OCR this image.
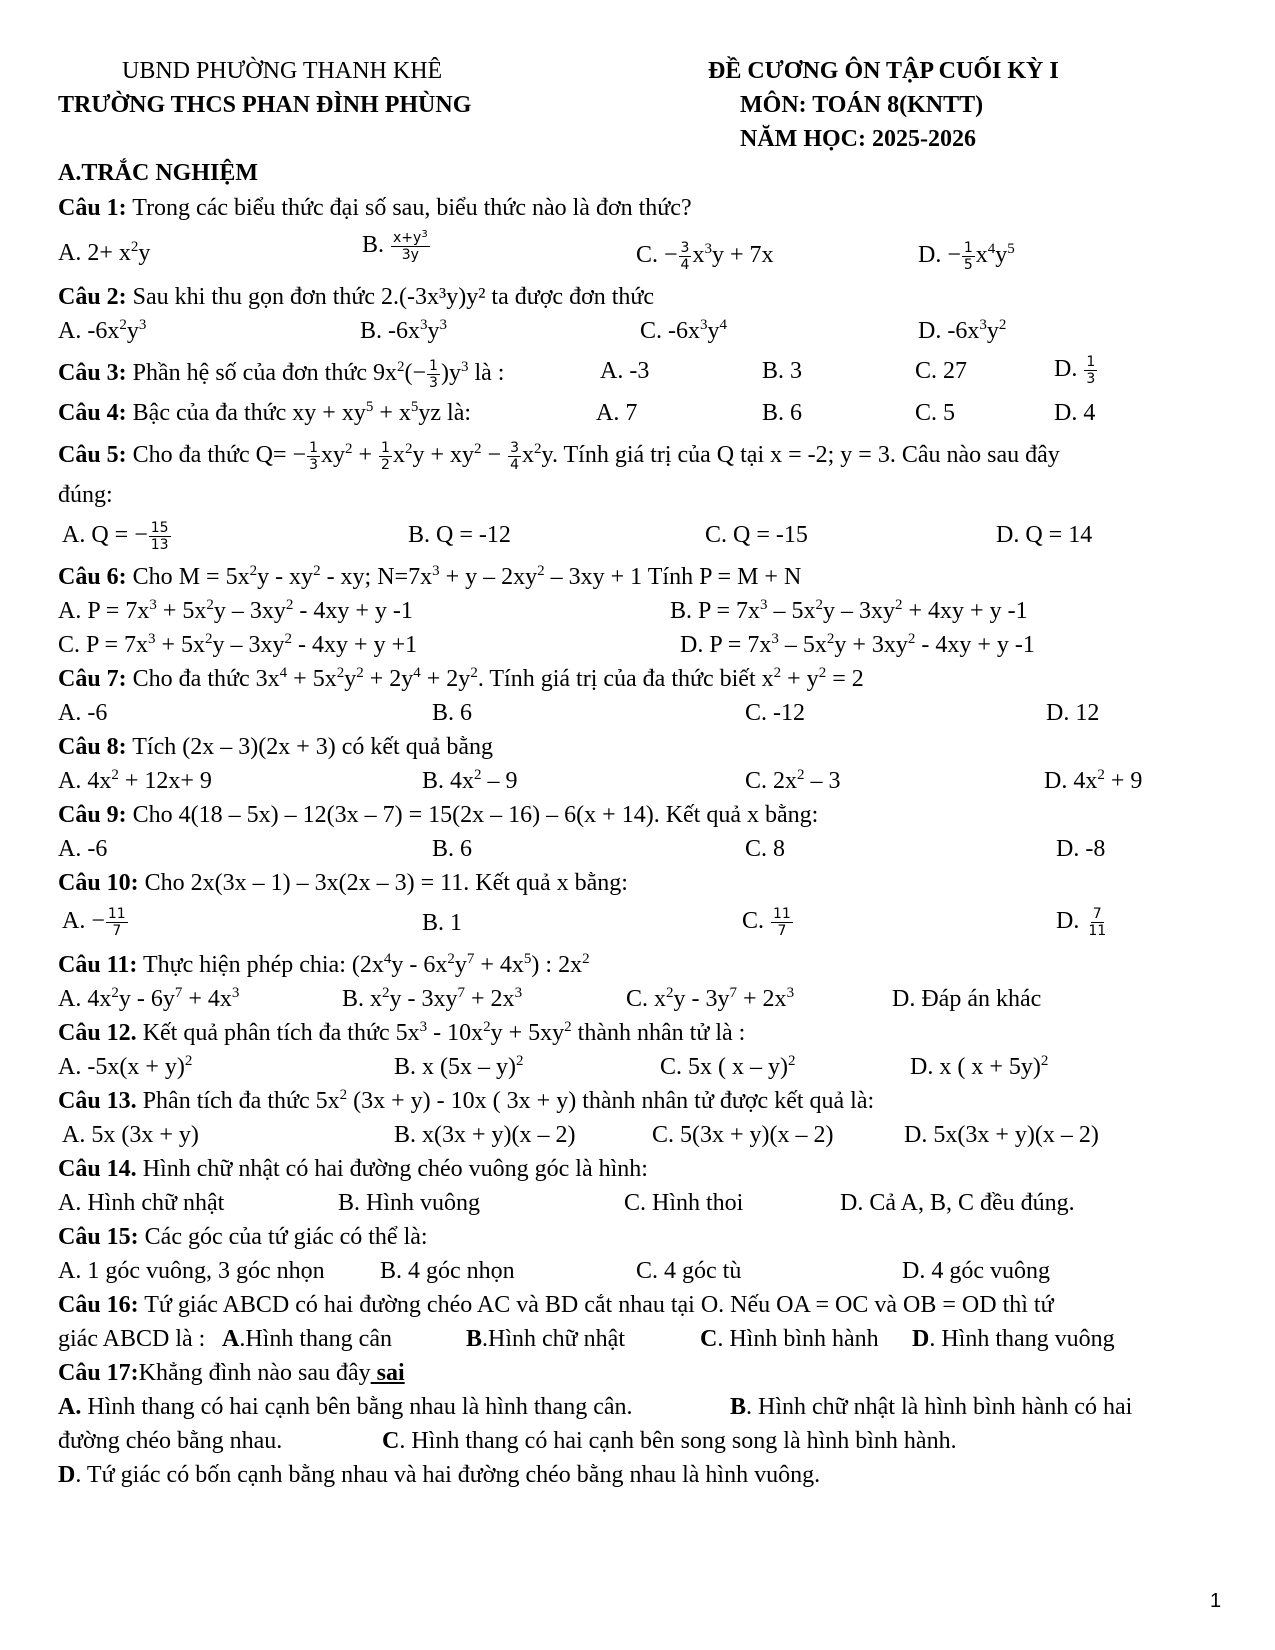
UBND PHƯỜNG THANH KHÊ
TRƯỜNG THCS PHAN ĐÌNH PHÙNG
ĐỀ CƯƠNG ÔN TẬP CUỐI KỲ I
MÔN: TOÁN 8(KNTT)
NĂM HỌC: 2025-2026
A.TRẮC NGHIỆM
Câu 1: Trong các biểu thức đại số sau, biểu thức nào là đơn thức?
A. $2+ x^2y$	B. $\frac{x+y^3}{3y}$	C. − $\frac{3}{4} x^3y + 7x$	D. − $\frac{1}{5} x^4y^5$
Câu 2: Sau khi thu gọn đơn thức 2.(-3x³y)y² ta được đơn thức
A. $-6x^2y^3$	B. $-6x^3y^3$	C. $-6x^3y^4$	D. $-6x^3y^2$
Câu 3: Phần hệ số của đơn thức $9x^2(- \frac{1}{3} )y^3$ là :	A. -3	B. 3	C. 27	D. $\frac{1}{3}$
Câu 4: Bậc của đa thức xy + $xy^5 + x^5yz$ là:	A. 7	B. 6	C. 5	D. 4
Câu 5: Cho đa thức $Q= - \frac{1}{3} xy^2 + \frac{1}{2} x^2y + xy^2 - \frac{3}{4} x^2y$. Tính giá trị của Q tại x = -2; y = 3. Câu nào sau đây
đúng:
A. Q = − $\frac{15}{13}$	B. Q = -12	C. Q = -15	D. Q = 14
Câu 6: Cho $M = 5x^2y - xy^2$ - xy; $N=7x^3 + y - 2xy^2 - 3xy + 1$ Tính P = M + N
A. $P = 7x^3 + 5x^2y - 3xy^2 - 4xy + y$ -1	B. $P = 7x^3 - 5x^2y - 3xy^2 + 4xy + y$ -1
C. $P = 7x^3 + 5x^2y - 3xy^2 - 4xy + y +1$	D. $P = 7x^3 - 5x^2y + 3xy^2 - 4xy + y$ -1
Câu 7: Cho đa thức $3x^4 + 5x^2y^2 + 2y^4 + 2y^2$. Tính giá trị của đa thức biết $x^2 + y^2 = 2$
A. -6	B. 6	C. -12	D. 12
Câu 8: Tích (2x – 3)(2x + 3) có kết quả bằng
A. $4x^2 + 12x+ 9$	B. $4x^2 - 9$	C. $2x^2 - 3$	D. $4x^2 + 9$
Câu 9: Cho 4(18 – 5x) – 12(3x – 7) = 15(2x – 16) – 6(x + 14). Kết quả x bằng:
A. -6	B. 6	C. 8	D. -8
Câu 10: Cho 2x(3x – 1) – 3x(2x – 3) = 11. Kết quả x bằng:
A. − $\frac{11}{7}$	B. 1	C. $\frac{11}{7}$	D. $\frac{7}{11}$
Câu 11: Thực hiện phép chia: $(2x^4y - 6x^2y^7 + 4x^5)$ : $2x^2$
A. $4x^2y - 6y^7 + 4x^3$	B. $x^2y - 3xy^7 + 2x^3$	C. $x^2y - 3y^7 + 2x^3$	D. Đáp án khác
Câu 12. Kết quả phân tích đa thức $5x^3 - 10x^2y + 5xy^2$ thành nhân tử là :
A. $-5x(x + y)^2$	B. x (5x – y)$^2$	C. 5x ( x – y)$^2$	D. x ( x + 5y)$^2$
Câu 13. Phân tích đa thức $5x^2$ (3x + y) - 10x ( 3x + y) thành nhân tử được kết quả là:
A. 5x (3x + y)	B. x(3x + y)(x – 2)	C. 5(3x + y)(x – 2)	D. 5x(3x + y)(x – 2)
Câu 14. Hình chữ nhật có hai đường chéo vuông góc là hình:
A. Hình chữ nhật	B. Hình vuông	C. Hình thoi	D. Cả A, B, C đều đúng.
Câu 15: Các góc của tứ giác có thể là:
A. 1 góc vuông, 3 góc nhọn B. 4 góc nhọn	C. 4 góc tù	D. 4 góc vuông
Câu 16: Tứ giác ABCD có hai đường chéo AC và BD cắt nhau tại O. Nếu OA = OC và OB = OD thì tứ
giác ABCD là : A.Hình thang cân	B.Hình chữ nhật	C. Hình bình hành D. Hình thang vuông
Câu 17:Khẳng đình nào sau đây sai
A. Hình thang có hai cạnh bên bằng nhau là hình thang cân.	B. Hình chữ nhật là hình bình hành có hai
đường chéo bằng nhau.	C. Hình thang có hai cạnh bên song song là hình bình hành.
D. Tứ giác có bốn cạnh bằng nhau và hai đường chéo bằng nhau là hình vuông.
1
